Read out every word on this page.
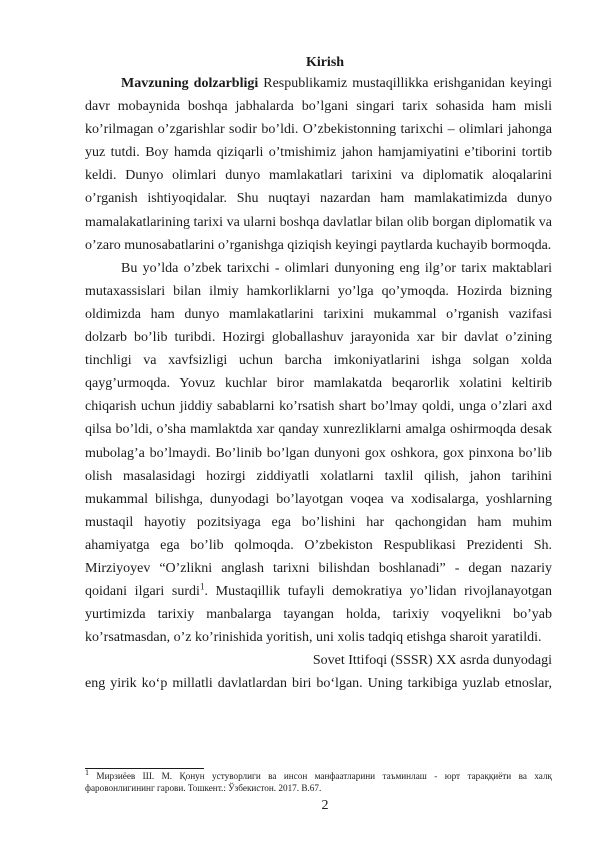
Kirish

Mavzuning dolzarbligi Respublikamiz mustaqillikka erishganidan keyingi davr mobaynida boshqa jabhalarda bo’lgani singari tarix sohasida ham misli ko’rilmagan o’zgarishlar sodir bo’ldi. O’zbekistonning tarixchi – olimlari jahonga yuz tutdi. Boy hamda qiziqarli o’tmishimiz jahon hamjamiyatini e’tiborini tortib keldi. Dunyo olimlari dunyo mamlakatlari tarixini va diplomatik aloqalarini o’rganish ishtiyoqidalar. Shu nuqtayi nazardan ham mamlakatimizda dunyo mamalakatlarining tarixi va ularni boshqa davlatlar bilan olib borgan diplomatik va o’zaro munosabatlarini o’rganishga qiziqish keyingi paytlarda kuchayib bormoqda.

Bu yo’lda o’zbek tarixchi - olimlari dunyoning eng ilg’or tarix maktablari mutaxassislari bilan ilmiy hamkorliklarni yo’lga qo’ymoqda. Hozirda bizning oldimizda ham dunyo mamlakatlarini tarixini mukammal o’rganish vazifasi dolzarb bo’lib turibdi. Hozirgi globallashuv jarayonida xar bir davlat o’zining tinchligi va xavfsizligi uchun barcha imkoniyatlarini ishga solgan xolda qayg’urmoqda. Yovuz kuchlar biror mamlakatda beqarorlik xolatini keltirib chiqarish uchun jiddiy sabablarni ko’rsatish shart bo’lmay qoldi, unga o’zlari axd qilsa bo’ldi, o’sha mamlaktda xar qanday xunrezliklarni amalga oshirmoqda desak mubolag’a bo’lmaydi. Bo’linib bo’lgan dunyoni gox oshkora, gox pinxona bo’lib olish masalasidagi hozirgi ziddiyatli xolatlarni taxlil qilish, jahon tarihini mukammal bilishga, dunyodagi bo’layotgan voqea va xodisalarga, yoshlarning mustaqil hayotiy pozitsiyaga ega bo’lishini har qachongidan ham muhim ahamiyatga ega bo’lib qolmoqda. O’zbekiston Respublikasi Prezidenti Sh. Mirziyoyev “O’zlikni anglash tarixni bilishdan boshlanadi” - degan nazariy qoidani ilgari surdi$^1$. Mustaqillik tufayli demokratiya yo’lidan rivojlanayotgan yurtimizda tarixiy manbalarga tayangan holda, tarixiy voqyelikni bo’yab ko’rsatmasdan, o’z ko’rinishida yoritish, uni xolis tadqiq etishga sharoit yaratildi.

Sovet Ittifoqi (SSSR) XX asrda dunyodagi

eng yirik ko‘p millatli davlatlardan biri bo‘lgan. Uning tarkibiga yuzlab etnoslar,

$^1$ Мирзиёев Ш. М. Қонун устуворлиги ва инсон манфаатларини таъминлаш - юрт тараққиёти ва халқ фаровонлигининг гарови. Тошкент.: Ўзбекистон. 2017. B.67.
2
